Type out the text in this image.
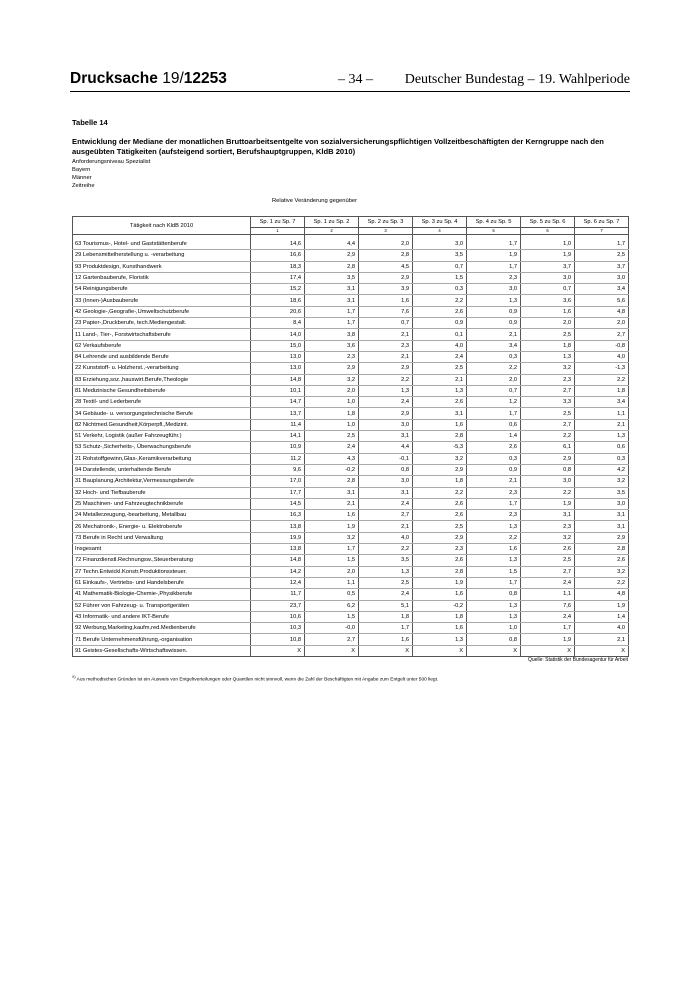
Drucksache 19/12253	– 34 – Deutscher Bundestag – 19. Wahlperiode
Tabelle 14
Entwicklung der Mediane der monatlichen Bruttoarbeitsentgelte von sozialversicherungspflichtigen Vollzeitbeschäftigten der Kerngruppe nach den ausgeübten Tätigkeiten (aufsteigend sortiert, Berufshauptgruppen, KldB 2010)
Anforderungsniveau Spezialist
Bayern
Männer
Zeitreihe
Relative Veränderung gegenüber
Tätigkeit nach KldB 2010	Sp. 1 zu Sp. 7	Sp. 1 zu Sp. 2	Sp. 2 zu Sp. 3	Sp. 3 zu Sp. 4	Sp. 4 zu Sp. 5	Sp. 5 zu Sp. 6	Sp. 6 zu Sp. 7
	1	2	3	4	5	6	7

63 Tourismus-, Hotel- und Gaststättenberufe	14,6	4,4	2,0	3,0	1,7	1,0	1,7
29 Lebensmittelherstellung u. -verarbeitung	16,6	2,9	2,8	3,5	1,9	1,9	2,5
93 Produktdesign, Kunsthandwerk	18,3	2,8	4,5	0,7	1,7	3,7	3,7
12 Gartenbauberufe, Floristik	17,4	3,5	2,9	1,5	2,3	3,0	3,0
54 Reinigungsberufe	15,2	3,1	3,9	0,3	3,0	0,7	3,4
33 (Innen-)Ausbauberufe	18,6	3,1	1,6	2,2	1,3	3,6	5,6
42 Geologie-,Geografie-,Umweltschutzberufe	20,6	1,7	7,6	2,6	0,9	1,6	4,8
23 Papier-,Druckberufe, tech.Mediengestalt.	8,4	1,7	0,7	0,9	0,9	2,0	2,0
11 Land-, Tier-, Forstwirtschaftsberufe	14,0	3,8	2,1	0,1	2,1	2,5	2,7
62 Verkaufsberufe	15,0	3,6	2,3	4,0	3,4	1,8	-0,8
84 Lehrende und ausbildende Berufe	13,0	2,3	2,1	2,4	0,3	1,3	4,0
22 Kunststoff- u. Holzherst.,-verarbeitung	13,0	2,9	2,9	2,5	2,2	3,2	-1,3
83 Erziehung,soz.,hauswirt.Berufe,Theologie	14,8	3,2	2,2	2,1	2,0	2,3	2,2
81 Medizinische Gesundheitsberufe	10,1	2,0	1,3	1,3	0,7	2,7	1,8
28 Textil- und Lederberufe	14,7	1,0	2,4	2,6	1,2	3,3	3,4
34 Gebäude- u. versorgungstechnische Berufe	13,7	1,8	2,9	3,1	1,7	2,5	1,1
82 Nichtmed.Gesundheit,Körperpfl.,Medizint.	11,4	1,0	3,0	1,6	0,6	2,7	2,1
51 Verkehr, Logistik (außer Fahrzeugführ.)	14,1	2,5	3,1	2,8	1,4	2,2	1,3
53 Schutz-,Sicherheits-, Überwachungsberufe	10,9	2,4	4,4	-5,3	2,6	6,1	0,6
21 Rohstoffgewinn,Glas-,Keramikverarbeitung	11,2	4,3	-0,1	3,2	0,3	2,9	0,3
94 Darstellende, unterhaltende Berufe	9,6	-0,2	0,8	2,9	0,9	0,8	4,2
31 Bauplanung,Architektur,Vermessungsberufe	17,0	2,8	3,0	1,8	2,1	3,0	3,2
32 Hoch- und Tiefbauberufe	17,7	3,1	3,1	2,2	2,3	2,2	3,5
25 Maschinen- und Fahrzeugtechnikberufe	14,5	2,1	2,4	2,6	1,7	1,9	3,0
24 Metallerzeugung,-bearbeitung, Metallbau	16,3	1,6	2,7	2,6	2,3	3,1	3,1
26 Mechatronik-, Energie- u. Elektroberufe	13,8	1,9	2,1	2,5	1,3	2,3	3,1
73 Berufe in Recht und Verwaltung	19,9	3,2	4,0	2,9	2,2	3,2	2,9
Insgesamt	13,8	1,7	2,2	2,3	1,6	2,6	2,8
72 Finanzdienstl.Rechnungsw.,Steuerberatung	14,8	1,5	3,5	2,6	1,3	2,5	2,6
27 Techn.Entwickl.Konstr.Produktionssteuer.	14,2	2,0	1,3	2,8	1,5	2,7	3,2
61 Einkaufs-, Vertriebs- und Handelsberufe	12,4	1,1	2,5	1,9	1,7	2,4	2,2
41 Mathematik-Biologie-Chemie-,Physikberufe	11,7	0,5	2,4	1,6	0,8	1,1	4,8
52 Führer von Fahrzeug- u. Transportgeräten	23,7	6,2	5,1	-0,2	1,3	7,6	1,9
43 Informatik- und andere IKT-Berufe	10,6	1,5	1,8	1,8	1,3	2,4	1,4
92 Werbung,Marketing,kaufm,red.Medienberufe	10,3	-0,0	1,7	1,6	1,0	1,7	4,0
71 Berufe Unternehmensführung,-organisation	10,8	2,7	1,6	1,3	0,8	1,9	2,1
91 Geistes-Gesellschafts-Wirtschaftswissen.	X	X	X	X	X	X	X
Quelle: Statistik der Bundesagentur für Arbeit
$^{X)}$ Aus methodischen Gründen ist ein Ausweis von Entgeltverteilungen oder Quantilen nicht sinnvoll, wenn die Zahl der Beschäftigten mit Angabe zum Entgelt unter 500 liegt.
